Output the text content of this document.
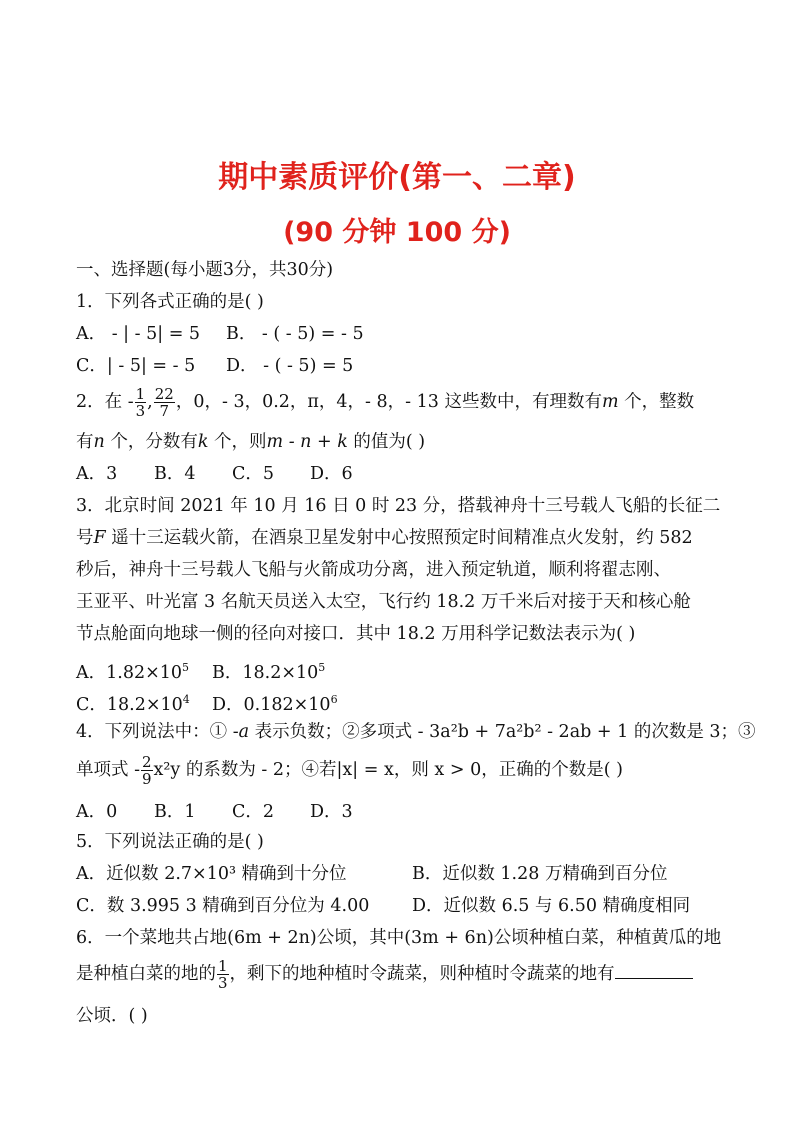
期中素质评价(第一、二章)
(90 分钟 100 分)
一、选择题(每小题3分，共30分)
1．下列各式正确的是( )
A． - | - 5| = 5 B． - ( - 5) = - 5
C．| - 5| = - 5 D． - ( - 5) = 5
2．在 - $\frac{1}{3}$ , $\frac{22}{7}$ ，0，- 3，0.2，π，4，- 8，- 13 这些数中，有理数有m 个，整数
有n 个，分数有k 个，则m - n + k 的值为( )
A．3 B．4 C．5 D．6
3．北京时间 2021 年 10 月 16 日 0 时 23 分，搭载神舟十三号载人飞船的长征二
号F 遥十三运载火箭，在酒泉卫星发射中心按照预定时间精准点火发射，约 582
秒后，神舟十三号载人飞船与火箭成功分离，进入预定轨道，顺利将翟志刚、
王亚平、叶光富 3 名航天员送入太空，飞行约 18.2 万千米后对接于天和核心舱
节点舱面向地球一侧的径向对接口．其中 18.2 万用科学记数法表示为( )
A．$1.82\times 10^5$ B．$18.2\times 10^5$
C．$18.2\times 10^4$ D．$0.182\times 10^6$
4．下列说法中：① -a 表示负数；②多项式 - 3a²b + 7a²b² - 2ab + 1 的次数是 3；③
单项式 - $\frac{2}{9} x^2y$ 的系数为 - 2；④若|x| = x，则 x > 0，正确的个数是( )
A．0 B．1 C．2 D．3
5．下列说法正确的是( )
A．近似数 2.7×10³ 精确到十分位	B．近似数 1.28 万精确到百分位
C．数 3.995 3 精确到百分位为 4.00 D．近似数 6.5 与 6.50 精确度相同
6．一个菜地共占地(6m + 2n)公顷，其中(3m + 6n)公顷种植白菜，种植黄瓜的地
是种植白菜的地的 $\frac{1}{3}$ ，剩下的地种植时令蔬菜，则种植时令蔬菜的地有
公顷．( )
